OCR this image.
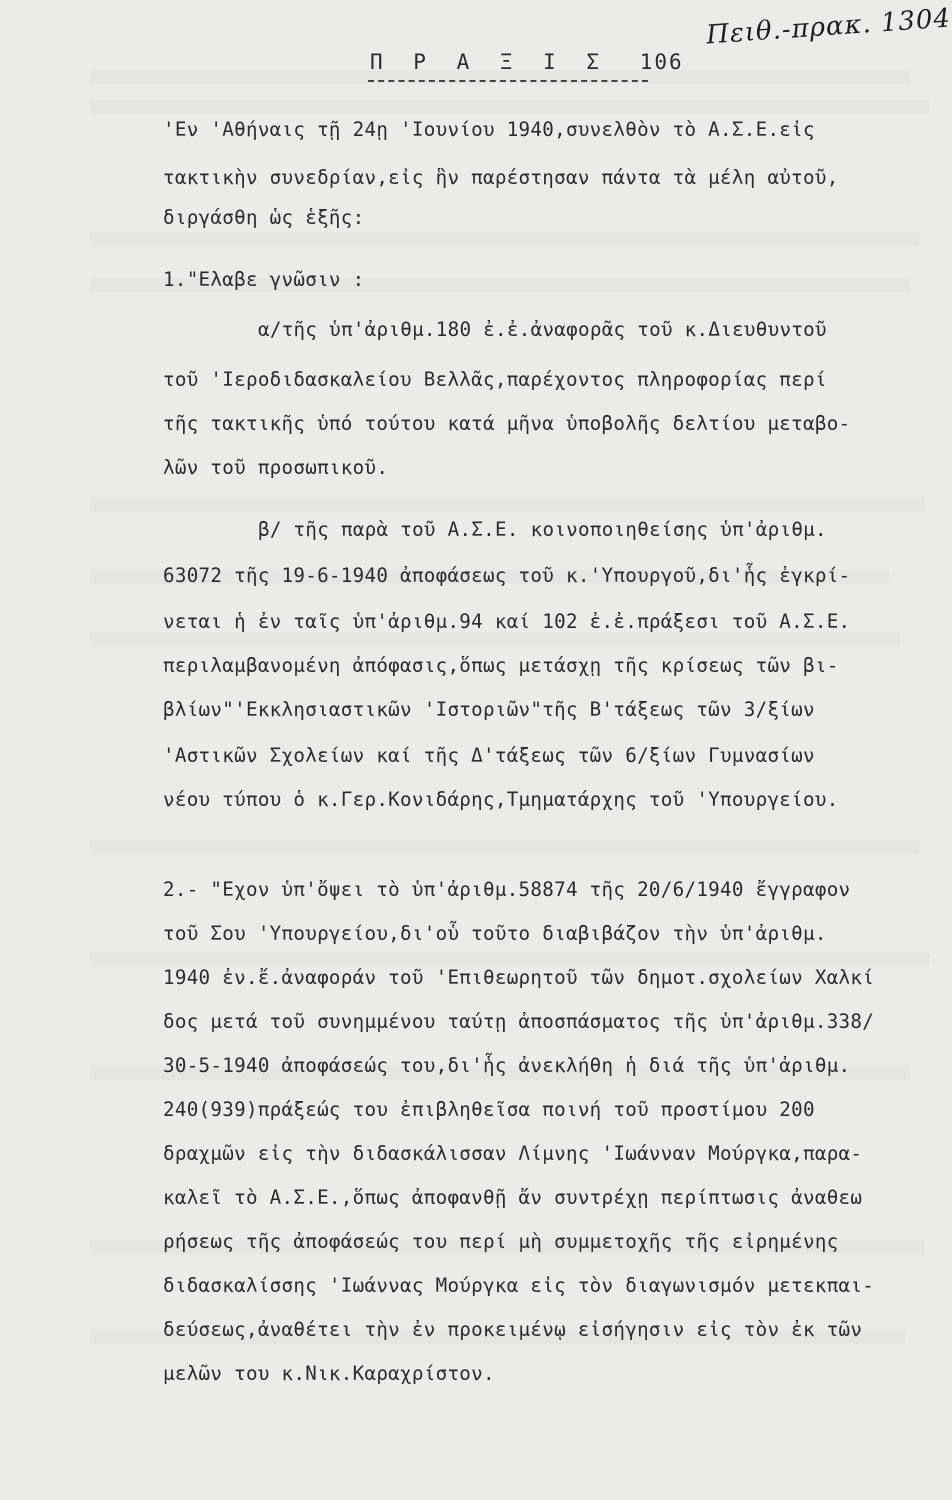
Πειθ.-πρακ. 1304
Π Ρ Α Ξ Ι Σ 106
'Εν 'Αθήναις τῇ 24ῃ 'Ιουνίου 1940,συνελθὸν τὸ Α.Σ.Ε.εἰς
τακτικὴν συνεδρίαν,εἰς ἣν παρέστησαν πάντα τὰ μέλη αὐτοῦ,
διργάσθη ὡς ἑξῆς:
1."Ελαβε γνῶσιν :
α/τῆς ὑπ'ἀριθμ.180 ἐ.ἐ.ἀναφορᾶς τοῦ κ.Διευθυντοῦ
τοῦ 'Ιεροδιδασκαλείου Βελλᾶς,παρέχοντος πληροφορίας περί
τῆς τακτικῆς ὑπό τούτου κατά μῆνα ὑποβολῆς δελτίου μεταβο-
λῶν τοῦ προσωπικοῦ.
β/ τῆς παρὰ τοῦ Α.Σ.Ε. κοινοποιηθείσης ὑπ'ἀριθμ.
63072 τῆς 19-6-1940 ἀποφάσεως τοῦ κ.'Υπουργοῦ,δι'ἧς ἐγκρί-
νεται ἡ ἐν ταῖς ὑπ'ἀριθμ.94 καί 102 ἐ.ἐ.πράξεσι τοῦ Α.Σ.Ε.
περιλαμβανομένη ἀπόφασις,ὅπως μετάσχῃ τῆς κρίσεως τῶν βι-
βλίων"'Εκκλησιαστικῶν 'Ιστοριῶν"τῆς Β'τάξεως τῶν 3/ξίων
'Αστικῶν Σχολείων καί τῆς Δ'τάξεως τῶν 6/ξίων Γυμνασίων
νέου τύπου ὁ κ.Γερ.Κονιδάρης,Τμηματάρχης τοῦ 'Υπουργείου.
2.- "Εχον ὑπ'ὄψει τὸ ὑπ'ἀριθμ.58874 τῆς 20/6/1940 ἔγγραφον
τοῦ Σου 'Υπουργείου,δι'οὗ τοῦτο διαβιβάζον τὴν ὑπ'ἀριθμ.
1940 ἐν.ἔ.ἀναφοράν τοῦ 'Επιθεωρητοῦ τῶν δημοτ.σχολείων Χαλκί
δος μετά τοῦ συνημμένου ταύτῃ ἀποσπάσματος τῆς ὑπ'ἀριθμ.338/
30-5-1940 ἀποφάσεώς του,δι'ἧς ἀνεκλήθη ἡ διά τῆς ὑπ'ἀριθμ.
240(939)πράξεώς του ἐπιβληθεῖσα ποινή τοῦ προστίμου 200
δραχμῶν εἰς τὴν διδασκάλισσαν Λίμνης 'Ιωάνναν Μούργκα,παρα-
καλεῖ τὸ Α.Σ.Ε.,ὅπως ἀποφανθῇ ἄν συντρέχῃ περίπτωσις ἀναθεω
ρήσεως τῆς ἀποφάσεώς του περί μὴ συμμετοχῆς τῆς εἰρημένης
διδασκαλίσσης 'Ιωάννας Μούργκα εἰς τὸν διαγωνισμόν μετεκπαι-
δεύσεως,ἀναθέτει τὴν ἐν προκειμένῳ εἰσήγησιν εἰς τὸν ἐκ τῶν
μελῶν του κ.Νικ.Καραχρίστον.
